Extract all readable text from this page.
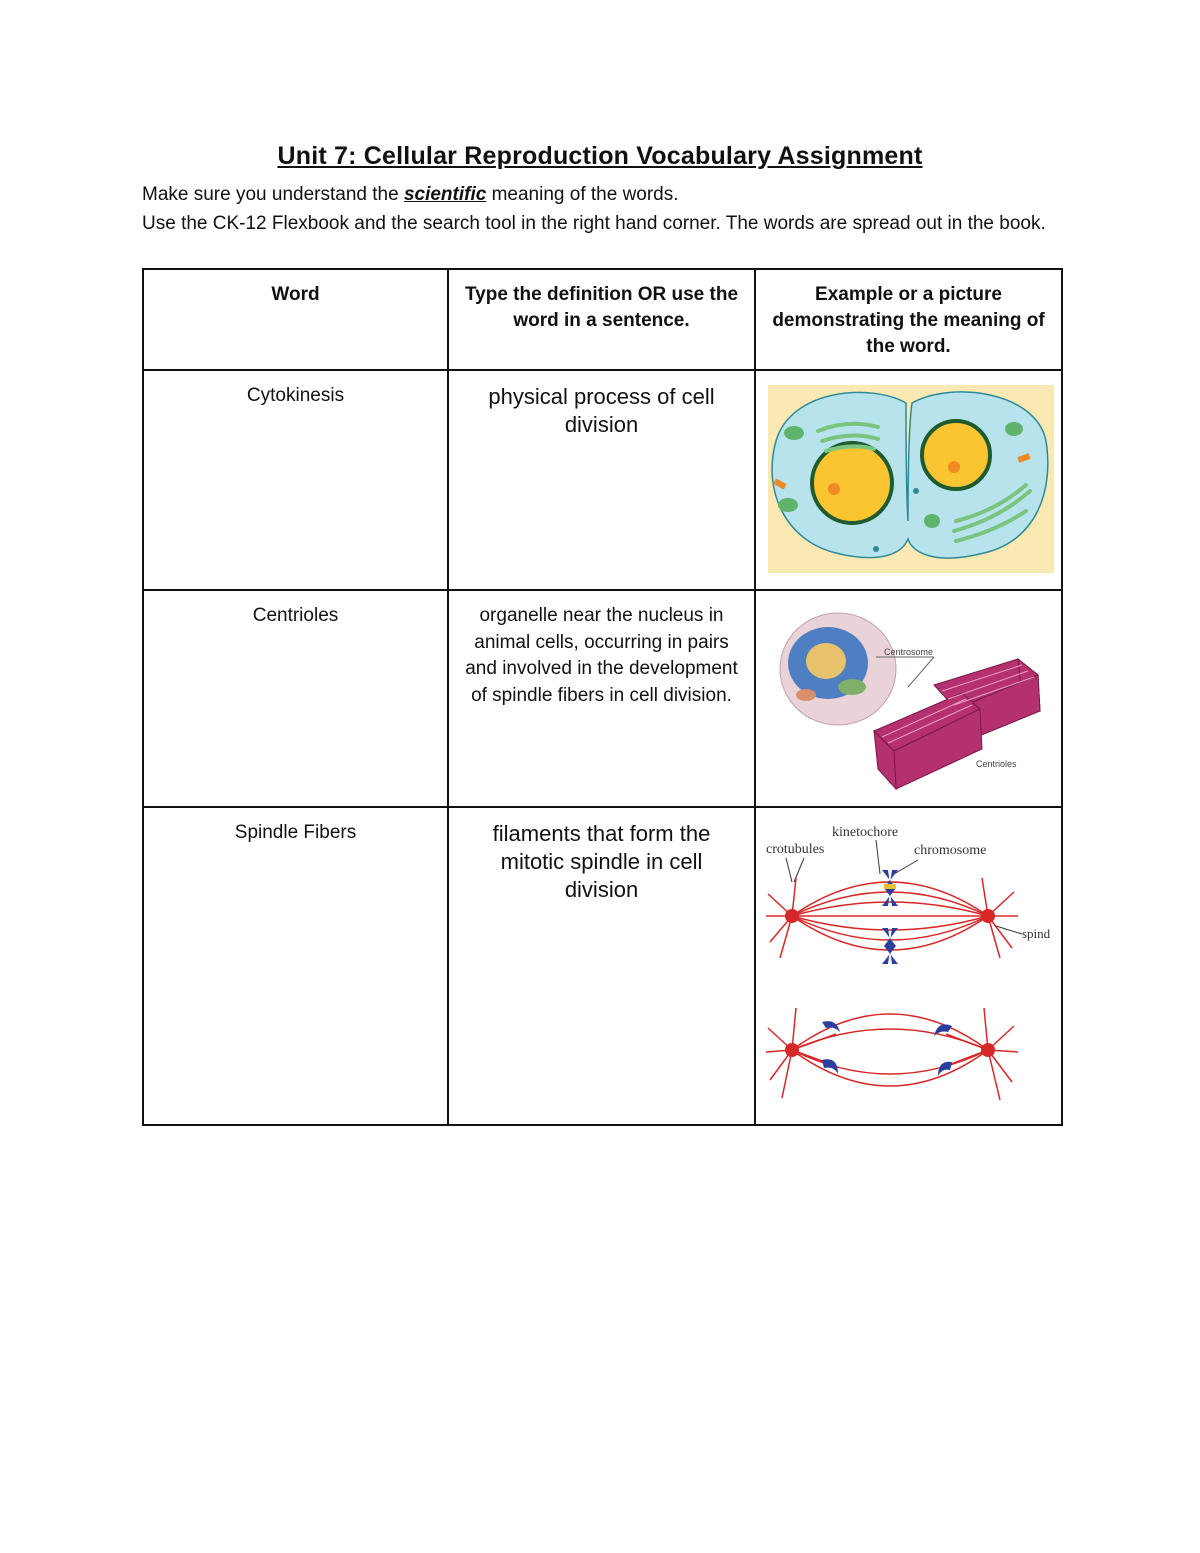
Unit 7: Cellular Reproduction Vocabulary Assignment

Make sure you understand the scientific meaning of the words.

Use the CK-12 Flexbook and the search tool in the right hand corner. The words are spread out in the book.

Word	Type the definition OR use the word in a sentence.	Example or a picture demonstrating the meaning of the word.
Cytokinesis	physical process of cell division	

Centrioles	organelle near the nucleus in animal cells, occurring in pairs and involved in the development of spindle fibers in cell division.	Centrosome
Centrioles

Spindle Fibers	filaments that form the mitotic spindle in cell division	crotubules
kinetochore
chromosome
spind
